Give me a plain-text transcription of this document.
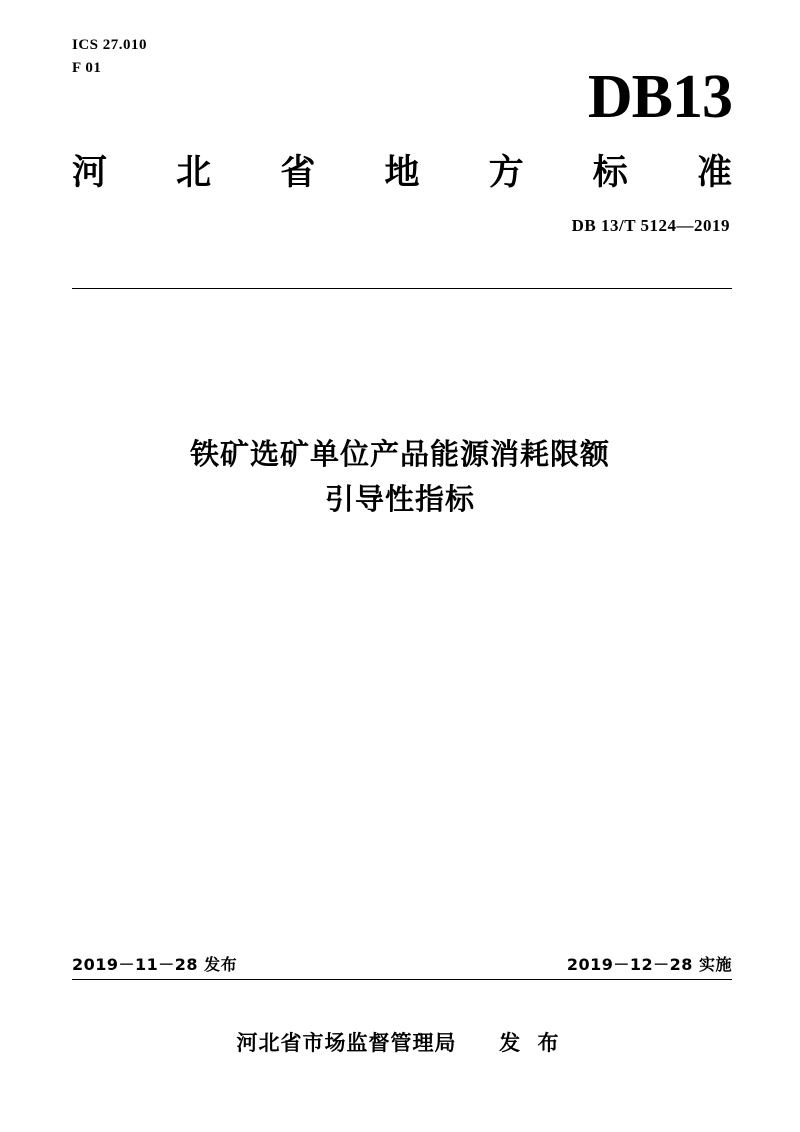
ICS 27.010
F 01	DB13
河 北 省 地 方 标 准
DB 13/T 5124—2019
铁矿选矿单位产品能源消耗限额
引导性指标
2019－11－28 发布	2019－12－28 实施
河北省市场监督管理局 发 布
